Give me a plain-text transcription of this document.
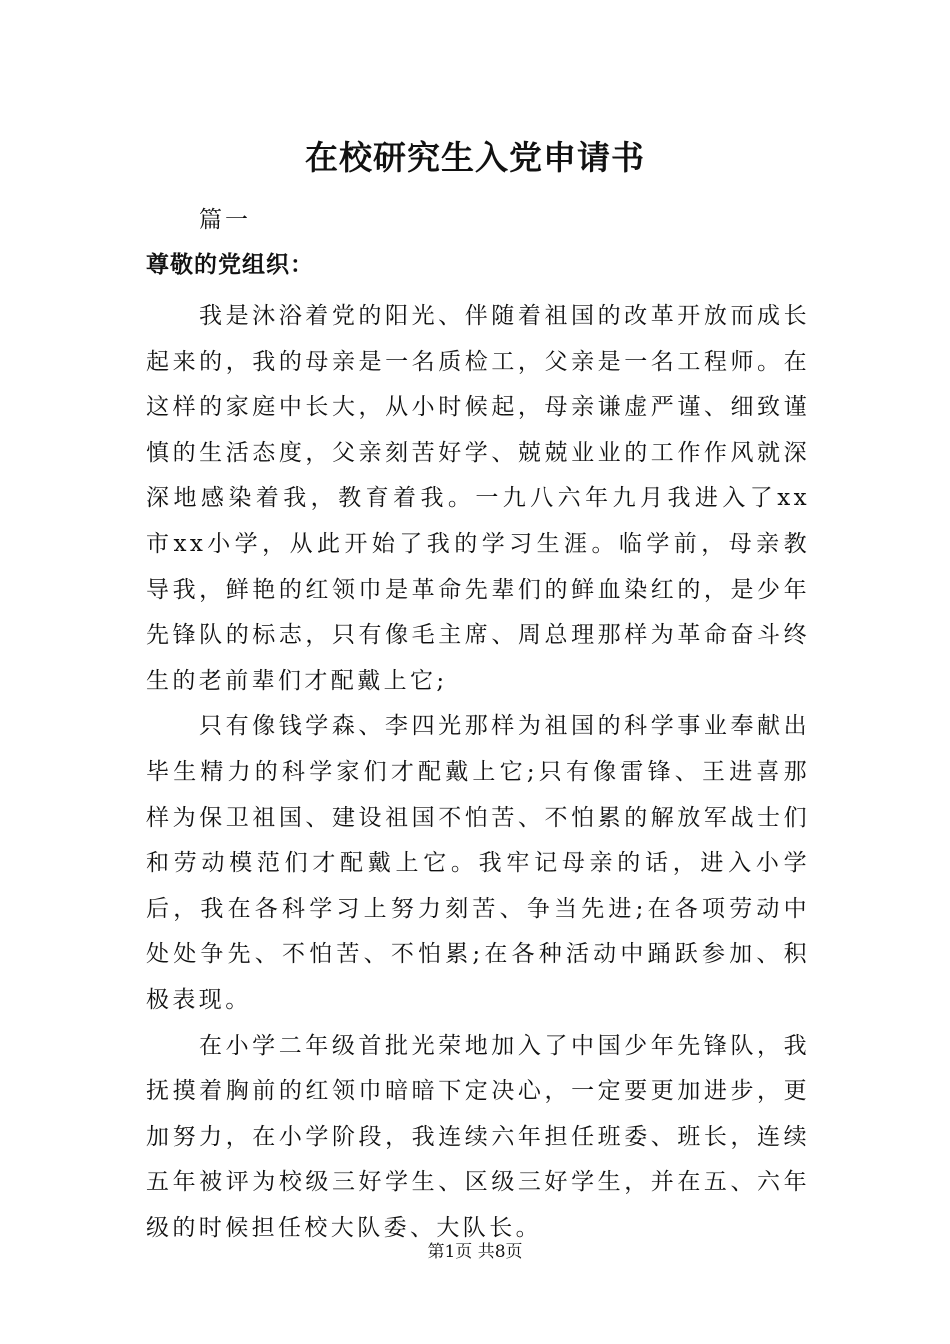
在校研究生入党申请书
篇一
尊敬的党组织：

我是沐浴着党的阳光、伴随着祖国的改革开放而成长起来的，我的母亲是一名质检工，父亲是一名工程师。在这样的家庭中长大，从小时候起，母亲谦虚严谨、细致谨慎的生活态度，父亲刻苦好学、兢兢业业的工作作风就深深地感染着我，教育着我。一九八六年九月我进入了xx市xx小学，从此开始了我的学习生涯。临学前，母亲教导我，鲜艳的红领巾是革命先辈们的鲜血染红的，是少年先锋队的标志，只有像毛主席、周总理那样为革命奋斗终生的老前辈们才配戴上它;

只有像钱学森、李四光那样为祖国的科学事业奉献出毕生精力的科学家们才配戴上它;只有像雷锋、王进喜那样为保卫祖国、建设祖国不怕苦、不怕累的解放军战士们和劳动模范们才配戴上它。我牢记母亲的话，进入小学后，我在各科学习上努力刻苦、争当先进;在各项劳动中处处争先、不怕苦、不怕累;在各种活动中踊跃参加、积极表现。

在小学二年级首批光荣地加入了中国少年先锋队，我抚摸着胸前的红领巾暗暗下定决心，一定要更加进步，更加努力，在小学阶段，我连续六年担任班委、班长，连续五年被评为校级三好学生、区级三好学生，并在五、六年级的时候担任校大队委、大队长。

第1页 共8页
